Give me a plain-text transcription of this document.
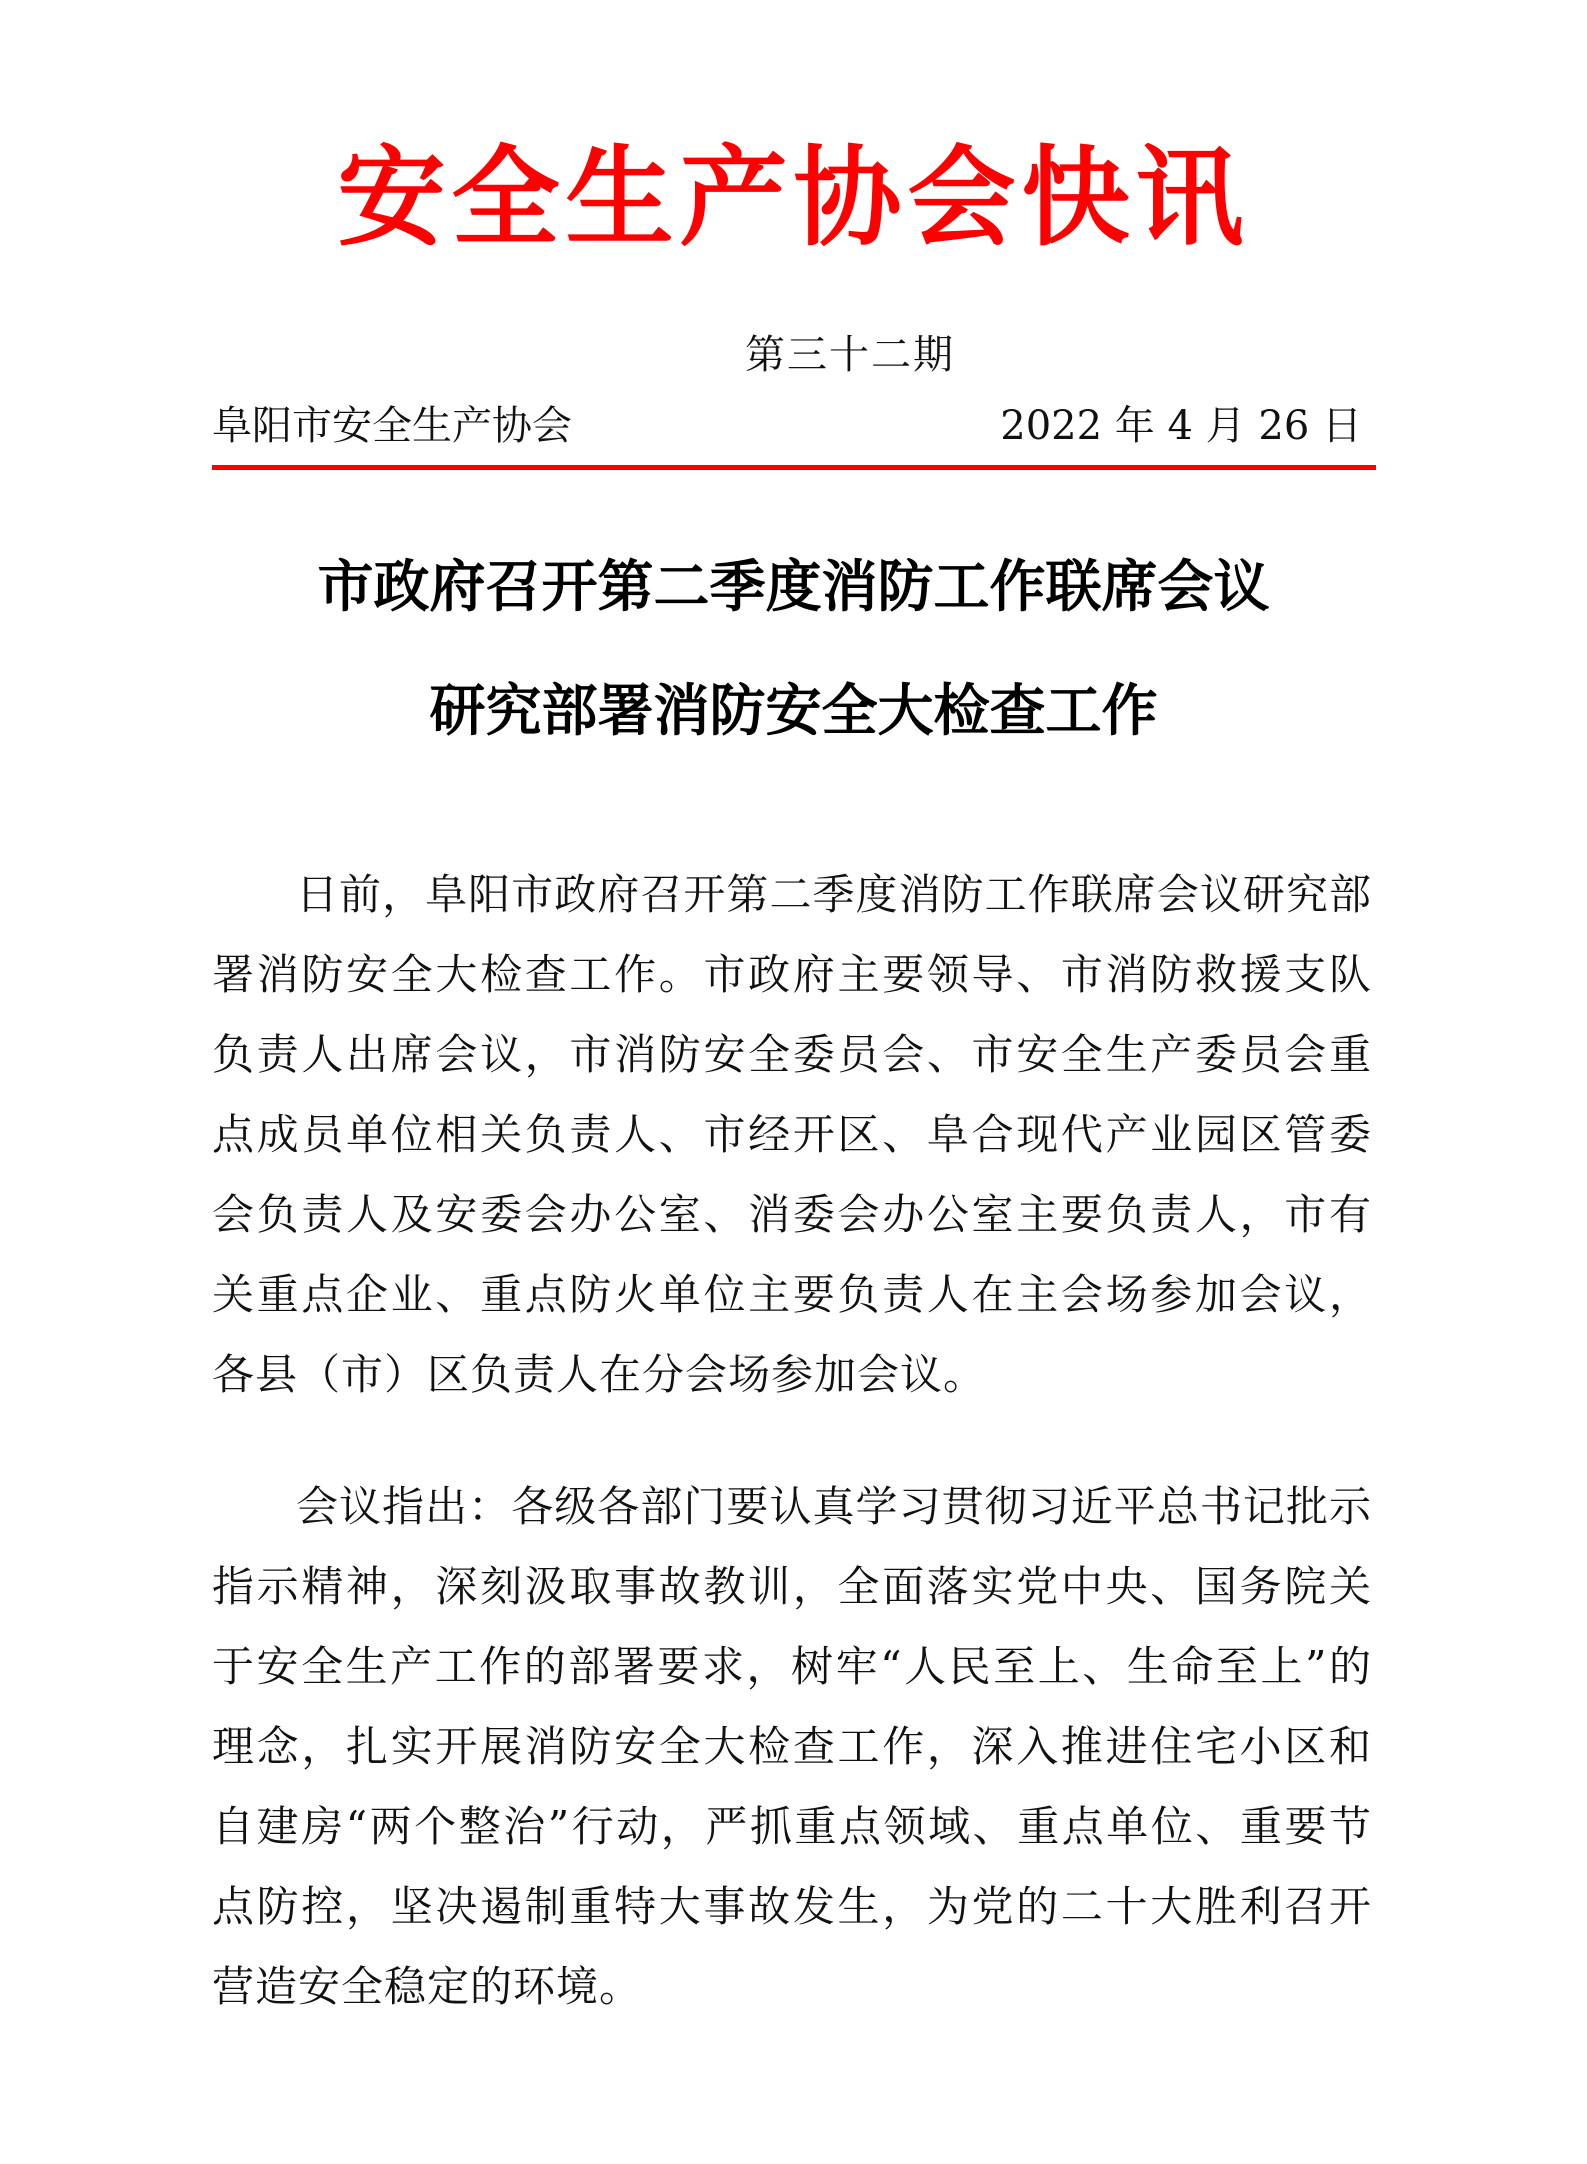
安全生产协会快讯
第三十二期
阜阳市安全生产协会	2022 年 4 月 26 日
市政府召开第二季度消防工作联席会议
研究部署消防安全大检查工作

日前，阜阳市政府召开第二季度消防工作联席会议研究部署消防安全大检查工作。市政府主要领导、市消防救援支队负责人出席会议，市消防安全委员会、市安全生产委员会重点成员单位相关负责人、市经开区、阜合现代产业园区管委会负责人及安委会办公室、消委会办公室主要负责人，市有关重点企业、重点防火单位主要负责人在主会场参加会议，各县（市）区负责人在分会场参加会议。

会议指出：各级各部门要认真学习贯彻习近平总书记批示指示精神，深刻汲取事故教训，全面落实党中央、国务院关于安全生产工作的部署要求，树牢“人民至上、生命至上”的理念，扎实开展消防安全大检查工作，深入推进住宅小区和自建房“两个整治”行动，严抓重点领域、重点单位、重要节点防控，坚决遏制重特大事故发生，为党的二十大胜利召开营造安全稳定的环境。
